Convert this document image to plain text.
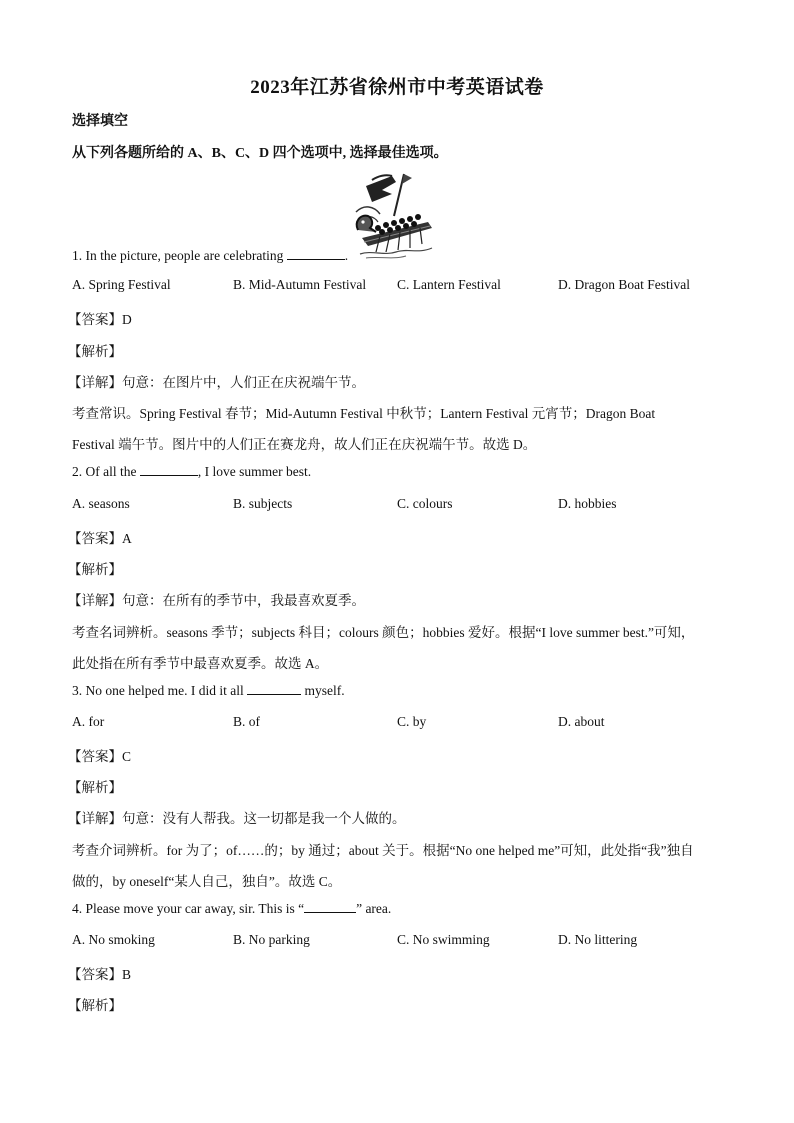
2023年江苏省徐州市中考英语试卷
选择填空
从下列各题所给的 A、B、C、D 四个选项中, 选择最佳选项。
1. In the picture, people are celebrating	.
A. Spring Festival	B. Mid-Autumn Festival C. Lantern Festival	D. Dragon Boat Festival
【答案】D
【解析】
【详解】句意：在图片中，人们正在庆祝端午节。
考查常识。Spring Festival 春节；Mid-Autumn Festival 中秋节；Lantern Festival 元宵节；Dragon Boat
Festival 端午节。图片中的人们正在赛龙舟，故人们正在庆祝端午节。故选 D。
2. Of all the	, I love summer best.
A. seasons	B. subjects	C. colours	D. hobbies
【答案】A
【解析】
【详解】句意：在所有的季节中，我最喜欢夏季。
考查名词辨析。seasons 季节；subjects 科目；colours 颜色；hobbies 爱好。根据“I love summer best.”可知，
此处指在所有季节中最喜欢夏季。故选 A。
3. No one helped me. I did it all	myself.
A. for	B. of	C. by	D. about
【答案】C
【解析】
【详解】句意：没有人帮我。这一切都是我一个人做的。
考查介词辨析。for 为了；of……的；by 通过；about 关于。根据“No one helped me”可知，此处指“我”独自
做的，by oneself“某人自己，独自”。故选 C。
4. Please move your car away, sir. This is “	” area.
A. No smoking	B. No parking	C. No swimming	D. No littering
【答案】B
【解析】
